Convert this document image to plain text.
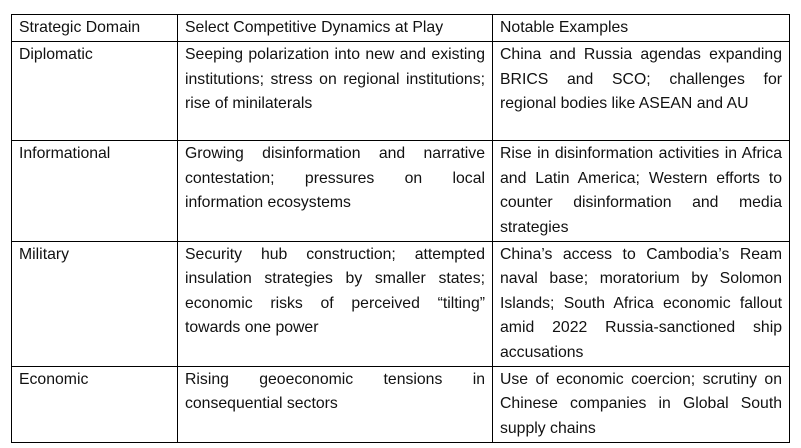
Strategic Domain	Select Competitive Dynamics at Play	Notable Examples
Diplomatic	Seeping polarization into new and existing institutions; stress on regional institutions; rise of minilaterals	China and Russia agendas expanding BRICS and SCO; challenges for regional bodies like ASEAN and AU
Informational	Growing disinformation and narrative contestation; pressures on local information ecosystems	Rise in disinformation activities in Africa and Latin America; Western efforts to counter disinformation and media strategies
Military	Security hub construction; attempted insulation strategies by smaller states; economic risks of perceived “tilting” towards one power	China’s access to Cambodia’s Ream naval base; moratorium by Solomon Islands; South Africa economic fallout amid 2022 Russia-sanctioned ship accusations
Economic	Rising geoeconomic tensions in consequential sectors	Use of economic coercion; scrutiny on Chinese companies in Global South supply chains
